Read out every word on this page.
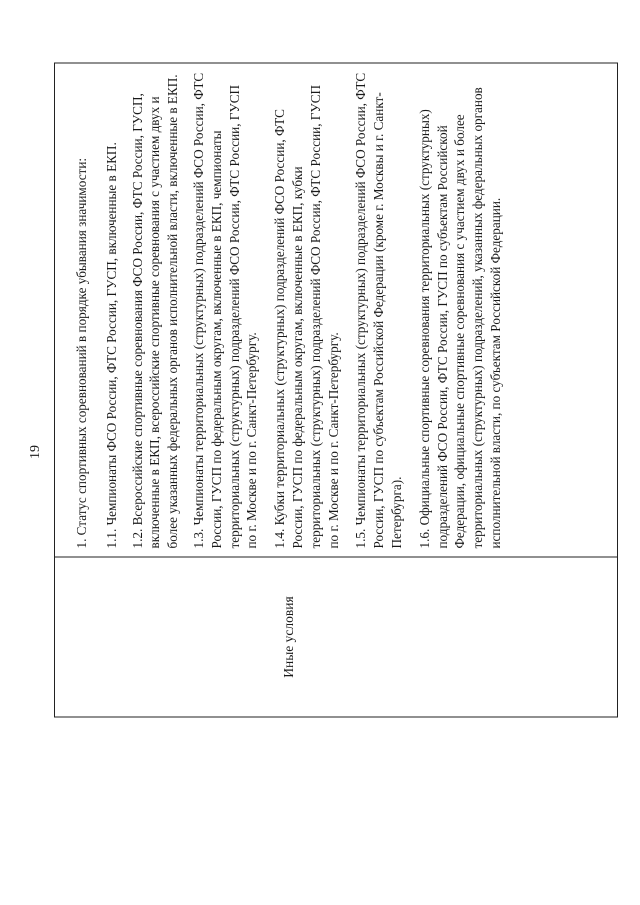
19
Иные условия

1. Статус спортивных соревнований в порядке убывания значимости: 1.1. Чемпионаты ФСО России, ФТС России, ГУСП, включенные в ЕКП. 1.2. Всероссийские спортивные соревнования ФСО России, ФТС России, ГУСП, включенные в ЕКП, всероссийские спортивные соревнования с участием двух и более указанных федеральных органов исполнительной власти, включенные в ЕКП. 1.3. Чемпионаты территориальных (структурных) подразделений ФСО России, ФТС России, ГУСП по федеральным округам, включенные в ЕКП, чемпионаты территориальных (структурных) подразделений ФСО России, ФТС России, ГУСП по г. Москве и по г. Санкт-Петербургу. 1.4. Кубки территориальных (структурных) подразделений ФСО России, ФТС России, ГУСП по федеральным округам, включенные в ЕКП, кубки территориальных (структурных) подразделений ФСО России, ФТС России, ГУСП по г. Москве и по г. Санкт-Петербургу. 1.5. Чемпионаты территориальных (структурных) подразделений ФСО России, ФТС России, ГУСП по субъектам Российской Федерации (кроме г. Москвы и г. Санкт-Петербурга). 1.6. Официальные спортивные соревнования территориальных (структурных) подразделений ФСО России, ФТС России, ГУСП по субъектам Российской Федерации, официальные спортивные соревнования с участием двух и более территориальных (структурных) подразделений, указанных федеральных органов исполнительной власти, по субъектам Российской Федерации.
